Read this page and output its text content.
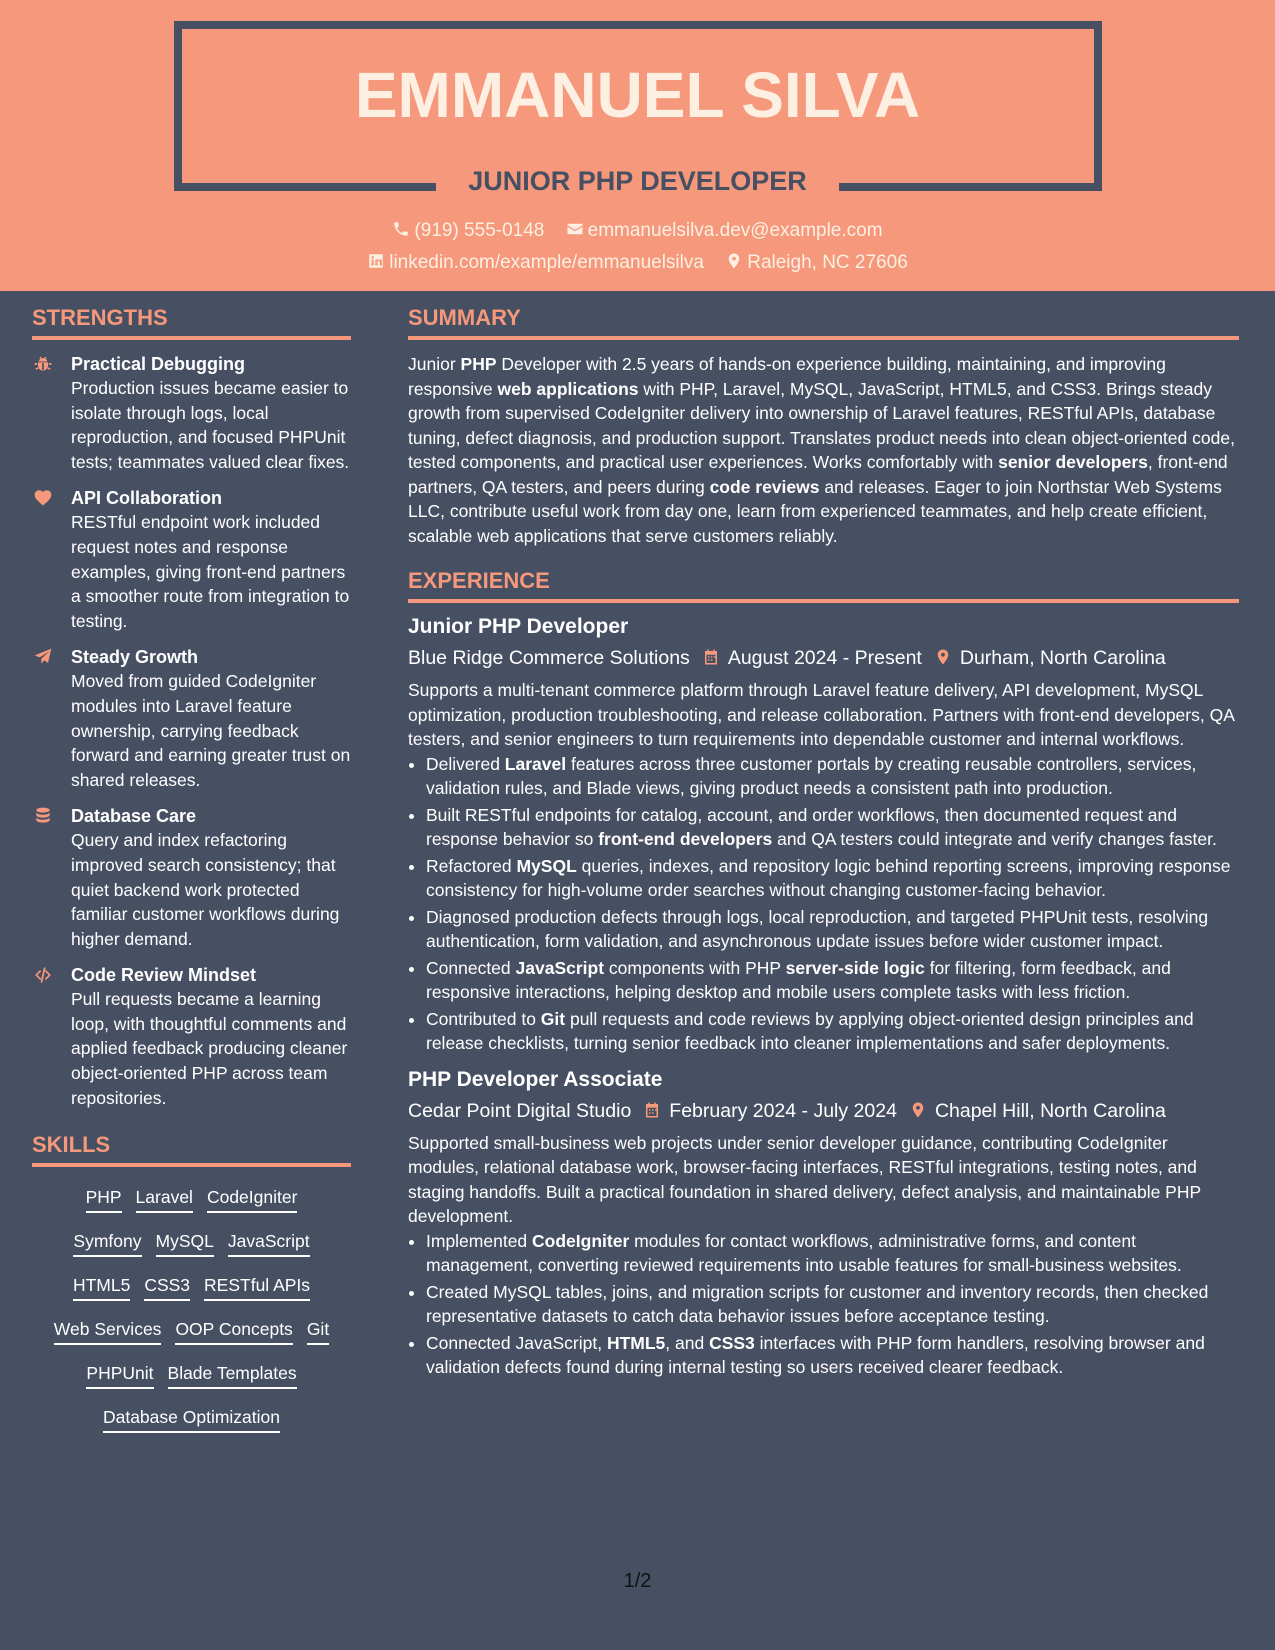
EMMANUEL SILVA
JUNIOR PHP DEVELOPER
(919) 555-0148 emmanuelsilva.dev@example.com
linkedin.com/example/emmanuelsilva Raleigh, NC 27606
STRENGTHS
Practical Debugging
Production issues became easier to isolate through logs, local reproduction, and focused PHPUnit tests; teammates valued clear fixes.
API Collaboration
RESTful endpoint work included request notes and response examples, giving front-end partners a smoother route from integration to testing.
Steady Growth
Moved from guided CodeIgniter modules into Laravel feature ownership, carrying feedback forward and earning greater trust on shared releases.
Database Care
Query and index refactoring improved search consistency; that quiet backend work protected familiar customer workflows during higher demand.
Code Review Mindset
Pull requests became a learning loop, with thoughtful comments and applied feedback producing cleaner object-oriented PHP across team repositories.
SKILLS
PHP Laravel CodeIgniter
Symfony MySQL JavaScript
HTML5 CSS3 RESTful APIs
Web Services OOP Concepts Git
PHPUnit Blade Templates
Database Optimization
SUMMARY
Junior PHP Developer with 2.5 years of hands-on experience building, maintaining, and improving responsive web applications with PHP, Laravel, MySQL, JavaScript, HTML5, and CSS3. Brings steady growth from supervised CodeIgniter delivery into ownership of Laravel features, RESTful APIs, database tuning, defect diagnosis, and production support. Translates product needs into clean object-oriented code, tested components, and practical user experiences. Works comfortably with senior developers, front-end partners, QA testers, and peers during code reviews and releases. Eager to join Northstar Web Systems LLC, contribute useful work from day one, learn from experienced teammates, and help create efficient, scalable web applications that serve customers reliably.
EXPERIENCE
Junior PHP Developer
Blue Ridge Commerce Solutions August 2024 - Present Durham, North Carolina
Supports a multi-tenant commerce platform through Laravel feature delivery, API development, MySQL optimization, production troubleshooting, and release collaboration. Partners with front-end developers, QA testers, and senior engineers to turn requirements into dependable customer and internal workflows.
• Delivered Laravel features across three customer portals by creating reusable controllers, services, validation rules, and Blade views, giving product needs a consistent path into production.
• Built RESTful endpoints for catalog, account, and order workflows, then documented request and response behavior so front-end developers and QA testers could integrate and verify changes faster.
• Refactored MySQL queries, indexes, and repository logic behind reporting screens, improving response consistency for high-volume order searches without changing customer-facing behavior.
• Diagnosed production defects through logs, local reproduction, and targeted PHPUnit tests, resolving authentication, form validation, and asynchronous update issues before wider customer impact.
• Connected JavaScript components with PHP server-side logic for filtering, form feedback, and responsive interactions, helping desktop and mobile users complete tasks with less friction.
• Contributed to Git pull requests and code reviews by applying object-oriented design principles and release checklists, turning senior feedback into cleaner implementations and safer deployments.
PHP Developer Associate
Cedar Point Digital Studio February 2024 - July 2024 Chapel Hill, North Carolina
Supported small-business web projects under senior developer guidance, contributing CodeIgniter modules, relational database work, browser-facing interfaces, RESTful integrations, testing notes, and staging handoffs. Built a practical foundation in shared delivery, defect analysis, and maintainable PHP development.
• Implemented CodeIgniter modules for contact workflows, administrative forms, and content management, converting reviewed requirements into usable features for small-business websites.
• Created MySQL tables, joins, and migration scripts for customer and inventory records, then checked representative datasets to catch data behavior issues before acceptance testing.
• Connected JavaScript, HTML5, and CSS3 interfaces with PHP form handlers, resolving browser and validation defects found during internal testing so users received clearer feedback.
1/2
